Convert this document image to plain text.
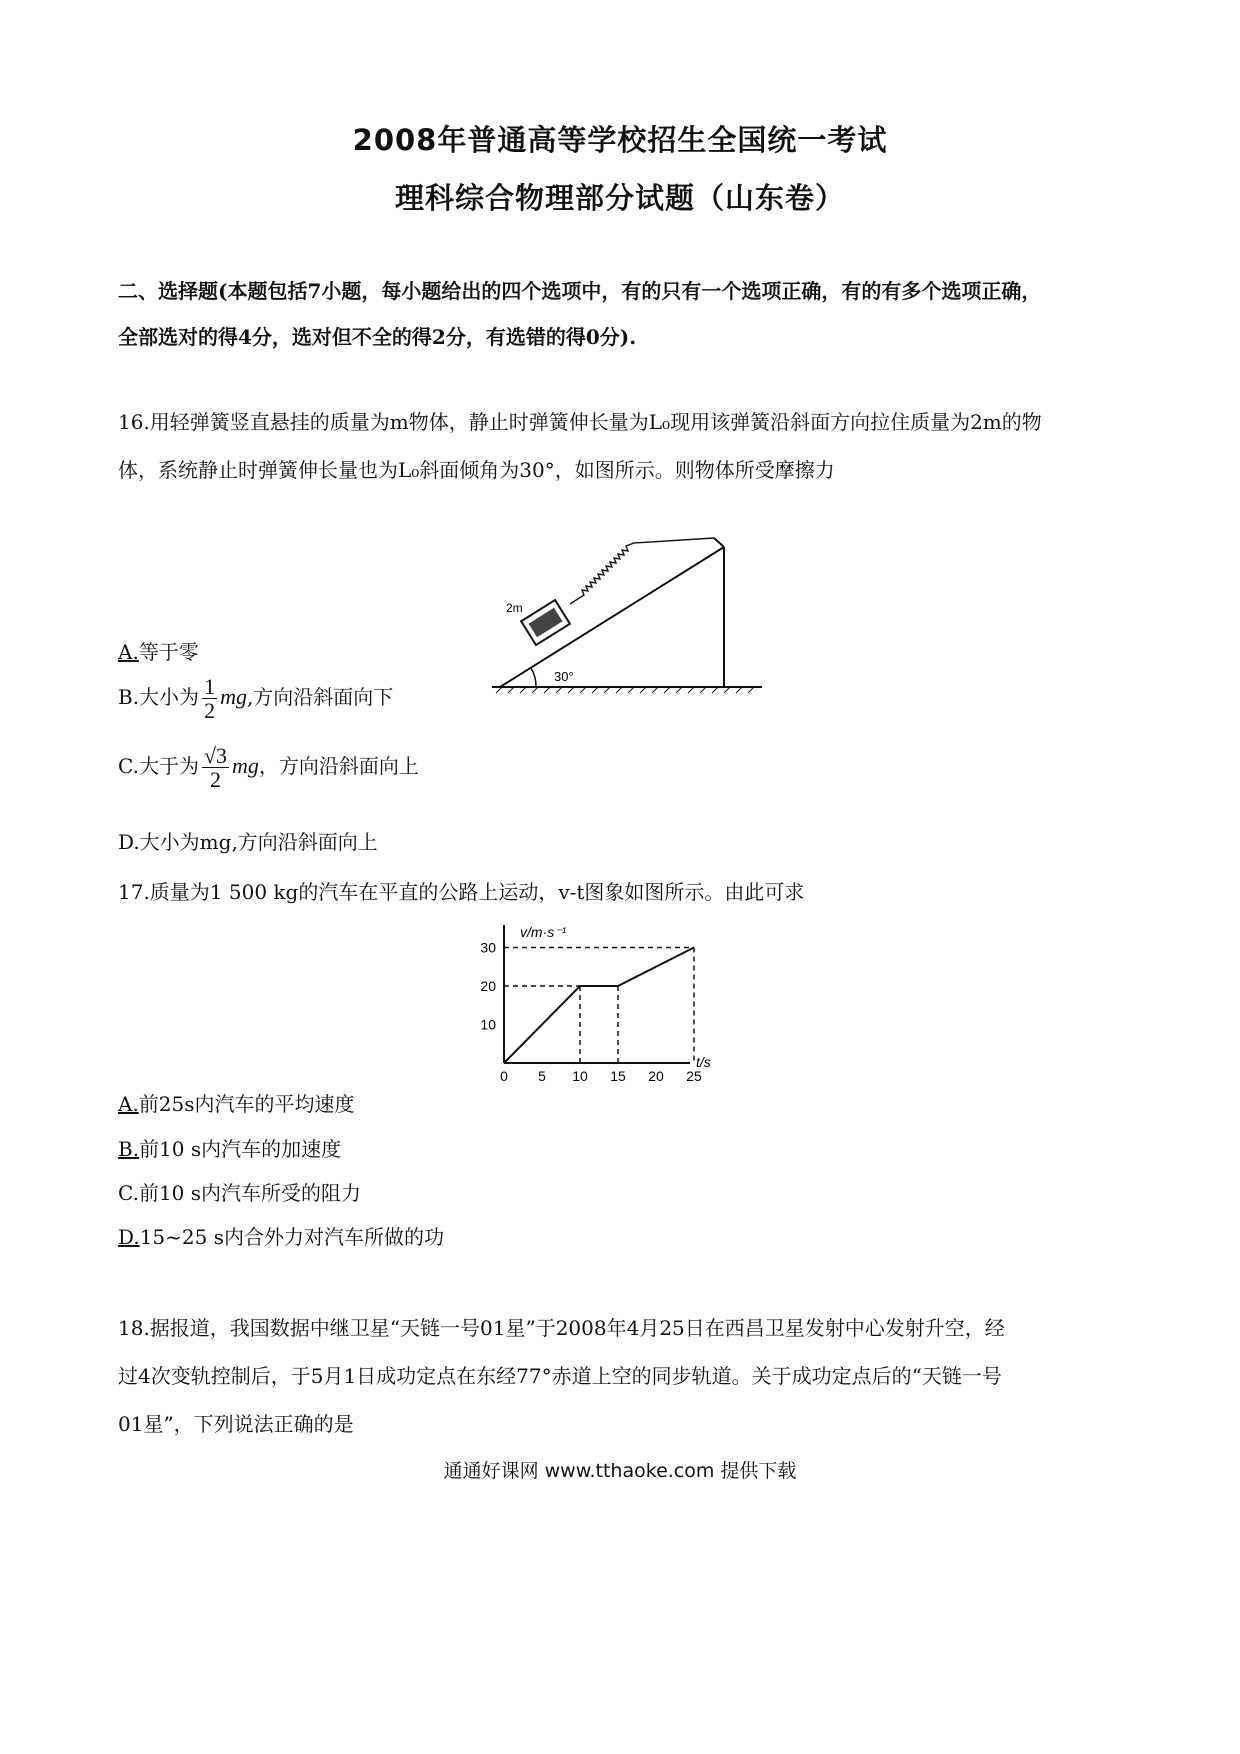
2008年普通高等学校招生全国统一考试
理科综合物理部分试题（山东卷）
二、选择题(本题包括7小题，每小题给出的四个选项中，有的只有一个选项正确，有的有多个选项正确，
全部选对的得4分，选对但不全的得2分，有选错的得0分).
16.用轻弹簧竖直悬挂的质量为m物体，静止时弹簧伸长量为L₀现用该弹簧沿斜面方向拉住质量为2m的物
体，系统静止时弹簧伸长量也为L₀斜面倾角为30°，如图所示。则物体所受摩擦力
30°
2m
A.等于零
B.大小为 $\frac{1}{2}$ mg,方向沿斜面向下
C.大于为 $\frac{√3}{2}$ mg，方向沿斜面向上
D.大小为mg,方向沿斜面向上
17.质量为1 500 kg的汽车在平直的公路上运动，v-t图象如图所示。由此可求
v/m·s⁻¹
t/s
0 5 10 15 20 25
10
20
30
A.前25s内汽车的平均速度
B.前10 s内汽车的加速度
C.前10 s内汽车所受的阻力
D.15~25 s内合外力对汽车所做的功
18.据报道，我国数据中继卫星“天链一号01星”于2008年4月25日在西昌卫星发射中心发射升空，经
过4次变轨控制后，于5月1日成功定点在东经77°赤道上空的同步轨道。关于成功定点后的“天链一号
01星”，下列说法正确的是
通通好课网 www.tthaoke.com 提供下载
